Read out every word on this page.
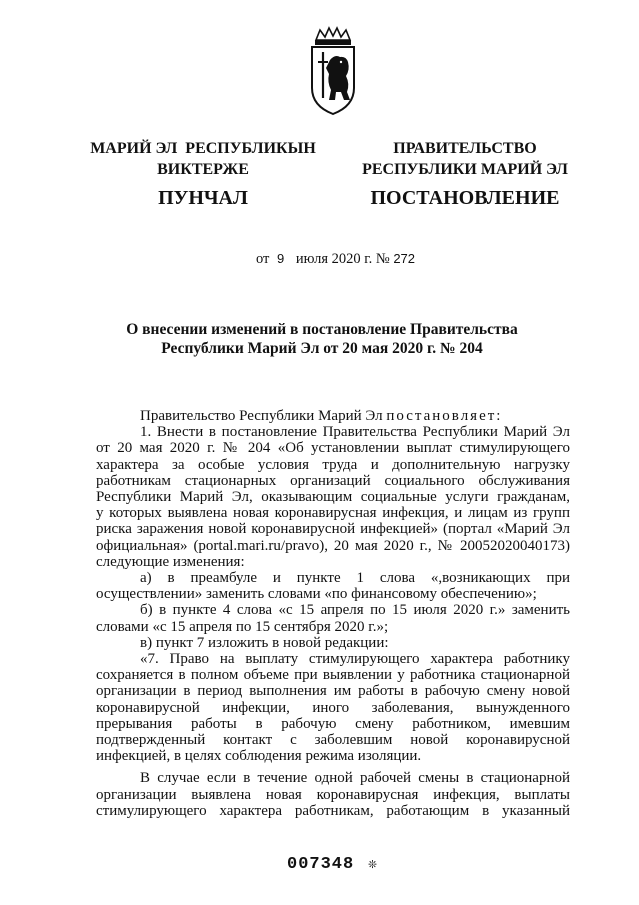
МАРИЙ ЭЛ  РЕСПУБЛИКЫН
ВИКТЕРЖЕ
ПУНЧАЛ
ПРАВИТЕЛЬСТВО
РЕСПУБЛИКИ МАРИЙ ЭЛ
ПОСТАНОВЛЕНИЕ
от 9 июля 2020 г. № 272
О внесении изменений в постановление Правительства
Республики Марий Эл от 20 мая 2020 г. № 204

Правительство Республики Марий Эл постановляет:

1. Внести в постановление Правительства Республики Марий Эл

от 20 мая 2020 г. № 204 «Об установлении выплат стимулирующего

характера за особые условия труда и дополнительную нагрузку

работникам стационарных организаций социального обслуживания

Республики Марий Эл, оказывающим социальные услуги гражданам,

у которых выявлена новая коронавирусная инфекция, и лицам из групп

риска заражения новой коронавирусной инфекцией» (портал «Марий Эл

официальная» (portal.mari.ru/pravo), 20 мая 2020 г., № 20052020040173)

следующие изменения:

а) в преамбуле и пункте 1 слова «,возникающих при

осуществлении» заменить словами «по финансовому обеспечению»;

б) в пункте 4 слова «с 15 апреля по 15 июля 2020 г.» заменить

словами «с 15 апреля по 15 сентября 2020 г.»;

в) пункт 7 изложить в новой редакции:

«7. Право на выплату стимулирующего характера работнику

сохраняется в полном объеме при выявлении у работника стационарной

организации в период выполнения им работы в рабочую смену новой

коронавирусной инфекции, иного заболевания, вынужденного

прерывания работы в рабочую смену работником, имевшим

подтвержденный контакт с заболевшим новой коронавирусной

инфекцией, в целях соблюдения режима изоляции.

В случае если в течение одной рабочей смены в стационарной

организации выявлена новая коронавирусная инфекция, выплаты

стимулирующего характера работникам, работающим в указанный

007348 ❊
